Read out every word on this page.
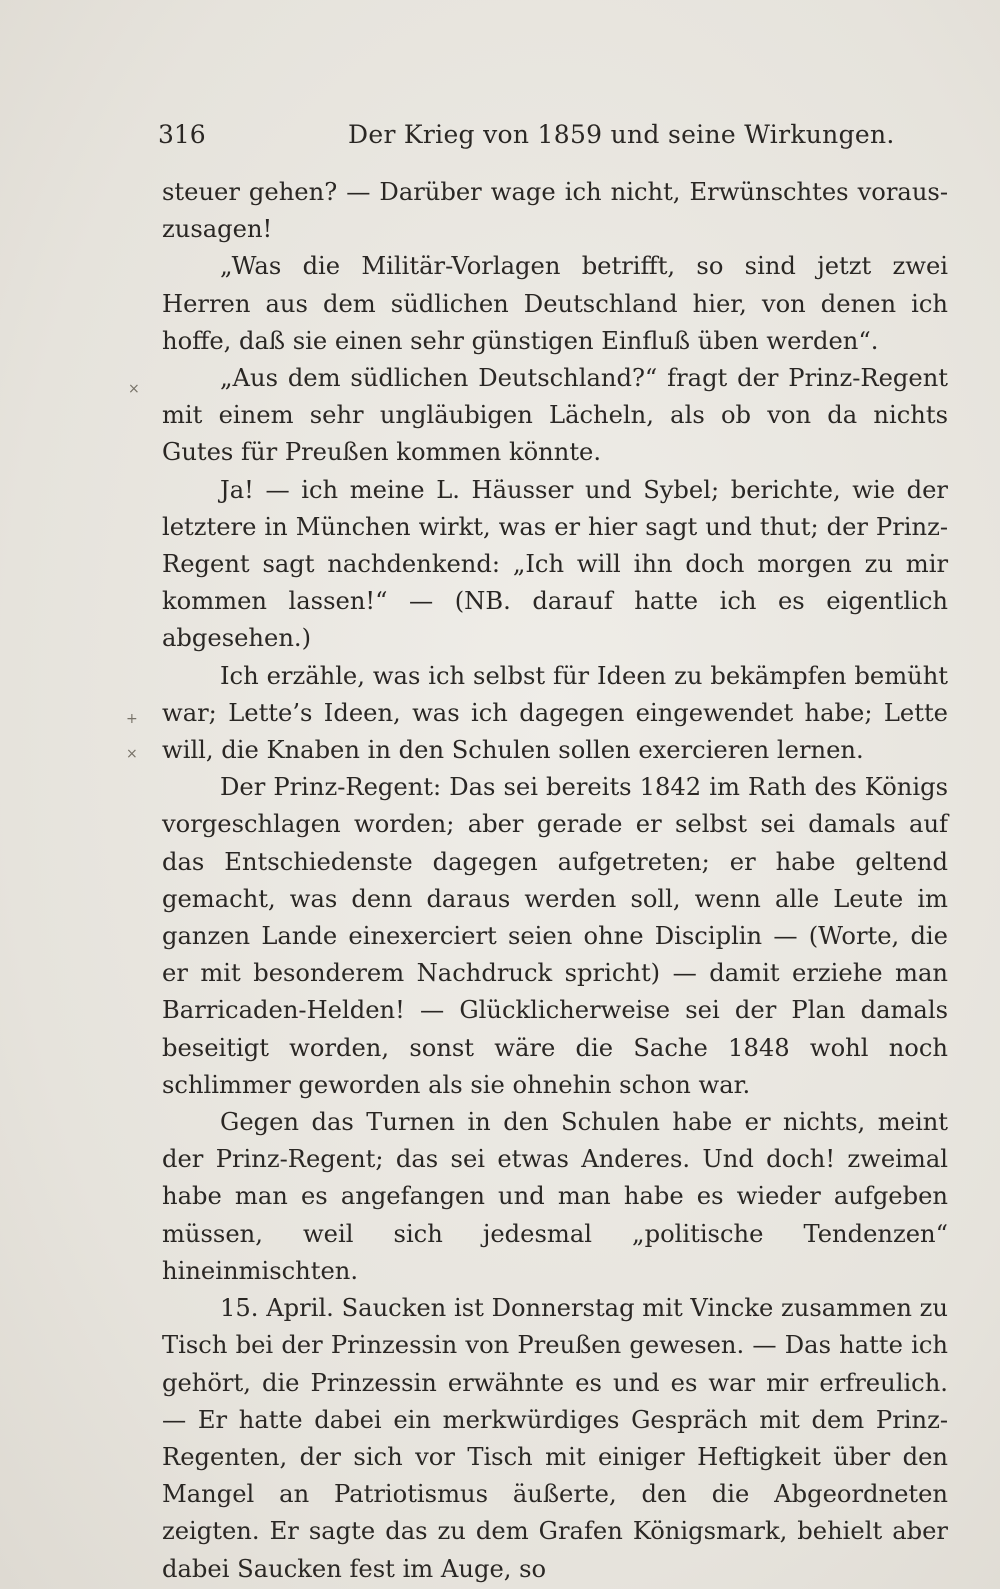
×
+
×
316	Der Krieg von 1859 und seine Wirkungen.

steuer gehen? — Darüber wage ich nicht, Erwünschtes voraus-zusagen!

„Was die Militär-Vorlagen betrifft, so sind jetzt zwei Herren aus dem südlichen Deutschland hier, von denen ich hoffe, daß sie einen sehr günstigen Einfluß üben werden“.

„Aus dem südlichen Deutschland?“ fragt der Prinz-Regent mit einem sehr ungläubigen Lächeln, als ob von da nichts Gutes für Preußen kommen könnte.

Ja! — ich meine L. Häusser und Sybel; berichte, wie der letztere in München wirkt, was er hier sagt und thut; der Prinz-Regent sagt nachdenkend: „Ich will ihn doch morgen zu mir kommen lassen!“ — (NB. darauf hatte ich es eigentlich abgesehen.)

Ich erzähle, was ich selbst für Ideen zu bekämpfen bemüht war; Lette’s Ideen, was ich dagegen eingewendet habe; Lette will, die Knaben in den Schulen sollen exercieren lernen.

Der Prinz-Regent: Das sei bereits 1842 im Rath des Königs vorgeschlagen worden; aber gerade er selbst sei damals auf das Entschiedenste dagegen aufgetreten; er habe geltend gemacht, was denn daraus werden soll, wenn alle Leute im ganzen Lande einexerciert seien ohne Disciplin — (Worte, die er mit besonderem Nachdruck spricht) — damit erziehe man Barricaden-Helden! — Glücklicherweise sei der Plan damals beseitigt worden, sonst wäre die Sache 1848 wohl noch schlimmer geworden als sie ohnehin schon war.

Gegen das Turnen in den Schulen habe er nichts, meint der Prinz-Regent; das sei etwas Anderes. Und doch! zweimal habe man es angefangen und man habe es wieder aufgeben müssen, weil sich jedesmal „politische Tendenzen“ hineinmischten.

15. April. Saucken ist Donnerstag mit Vincke zusammen zu Tisch bei der Prinzessin von Preußen gewesen. — Das hatte ich gehört, die Prinzessin erwähnte es und es war mir erfreulich. — Er hatte dabei ein merkwürdiges Gespräch mit dem Prinz-Regenten, der sich vor Tisch mit einiger Heftigkeit über den Mangel an Patriotismus äußerte, den die Abgeordneten zeigten. Er sagte das zu dem Grafen Königsmark, behielt aber dabei Saucken fest im Auge, so
